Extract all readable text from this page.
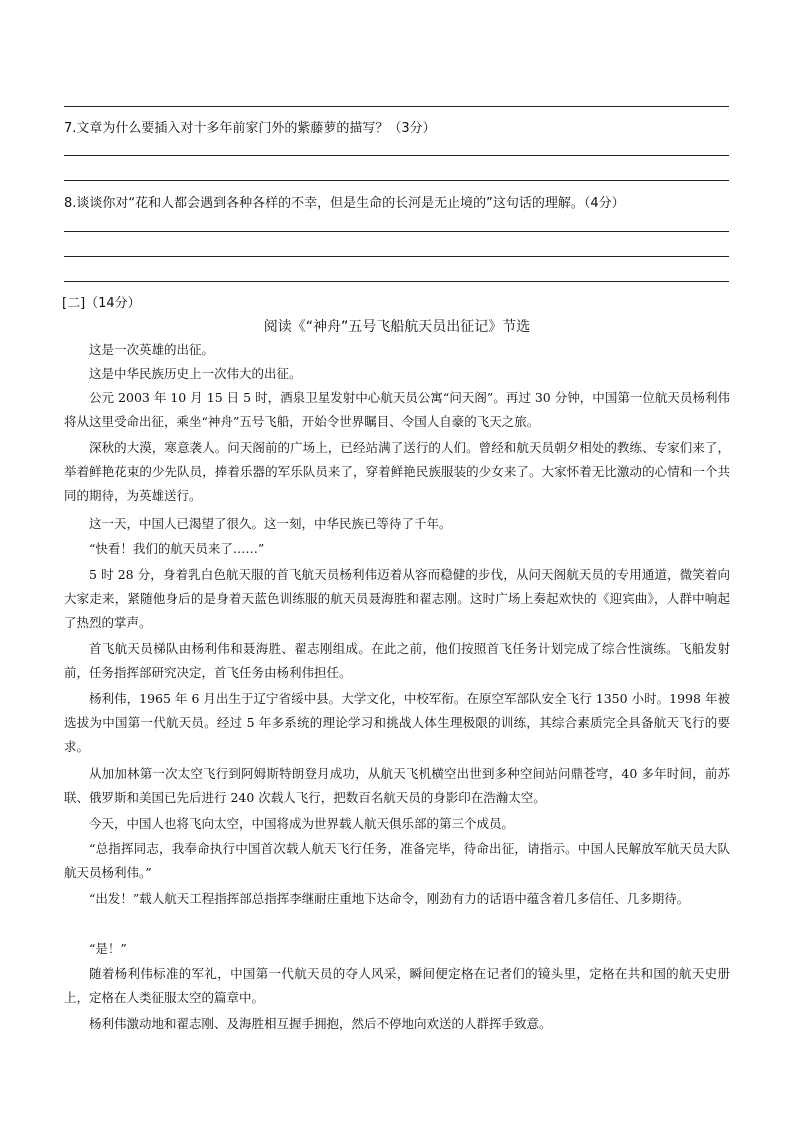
7.文章为什么要插入对十多年前家门外的紫藤萝的描写？（3分）
8.谈谈你对“花和人都会遇到各种各样的不幸，但是生命的长河是无止境的”这句话的理解。（4分）
[二]（14分）
阅读《“神舟”五号飞船航天员出征记》节选

这是一次英雄的出征。

这是中华民族历史上一次伟大的出征。

公元 2003 年 10 月 15 日 5 时，酒泉卫星发射中心航天员公寓“问天阁”。再过 30 分钟，中国第一位航天员杨利伟将从这里受命出征，乘坐“神舟”五号飞船，开始令世界瞩目、令国人自豪的飞天之旅。

深秋的大漠，寒意袭人。问天阁前的广场上，已经站满了送行的人们。曾经和航天员朝夕相处的教练、专家们来了，举着鲜艳花束的少先队员，捧着乐器的军乐队员来了，穿着鲜艳民族服装的少女来了。大家怀着无比激动的心情和一个共同的期待，为英雄送行。

这一天，中国人已渴望了很久。这一刻，中华民族已等待了千年。

“快看！我们的航天员来了……”

5 时 28 分，身着乳白色航天服的首飞航天员杨利伟迈着从容而稳健的步伐，从问天阁航天员的专用通道，微笑着向大家走来，紧随他身后的是身着天蓝色训练服的航天员聂海胜和翟志刚。这时广场上奏起欢快的《迎宾曲》，人群中响起了热烈的掌声。

首飞航天员梯队由杨利伟和聂海胜、翟志刚组成。在此之前，他们按照首飞任务计划完成了综合性演练。飞船发射前，任务指挥部研究决定，首飞任务由杨利伟担任。

杨利伟，1965 年 6 月出生于辽宁省绥中县。大学文化，中校军衔。在原空军部队安全飞行 1350 小时。1998 年被选拔为中国第一代航天员。经过 5 年多系统的理论学习和挑战人体生理极限的训练，其综合素质完全具备航天飞行的要求。

从加加林第一次太空飞行到阿姆斯特朗登月成功，从航天飞机横空出世到多种空间站问鼎苍穹，40 多年时间，前苏联、俄罗斯和美国已先后进行 240 次载人飞行，把数百名航天员的身影印在浩瀚太空。

今天，中国人也将飞向太空，中国将成为世界载人航天俱乐部的第三个成员。

“总指挥同志，我奉命执行中国首次载人航天飞行任务，准备完毕，待命出征，请指示。中国人民解放军航天员大队航天员杨利伟。”

“出发！”载人航天工程指挥部总指挥李继耐庄重地下达命令，刚劲有力的话语中蕴含着几多信任、几多期待。

“是！”

随着杨利伟标准的军礼，中国第一代航天员的夺人风采，瞬间便定格在记者们的镜头里，定格在共和国的航天史册上，定格在人类征服太空的篇章中。

杨利伟激动地和翟志刚、及海胜相互握手拥抱，然后不停地向欢送的人群挥手致意。
